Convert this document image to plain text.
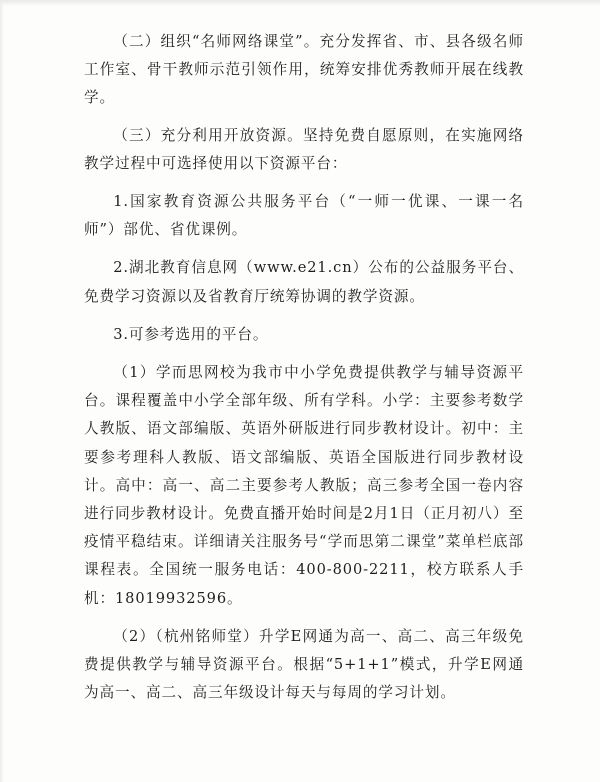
（二）组织“名师网络课堂”。充分发挥省、市、县各级名师工作室、骨干教师示范引领作用，统筹安排优秀教师开展在线教学。

（三）充分利用开放资源。坚持免费自愿原则，在实施网络教学过程中可选择使用以下资源平台：

1.国家教育资源公共服务平台（“一师一优课、一课一名师”）部优、省优课例。

2.湖北教育信息网（www.e21.cn）公布的公益服务平台、免费学习资源以及省教育厅统筹协调的教学资源。

3.可参考选用的平台。

（1）学而思网校为我市中小学免费提供教学与辅导资源平台。课程覆盖中小学全部年级、所有学科。小学：主要参考数学人教版、语文部编版、英语外研版进行同步教材设计。初中：主要参考理科人教版、语文部编版、英语全国版进行同步教材设计。高中：高一、高二主要参考人教版；高三参考全国一卷内容进行同步教材设计。免费直播开始时间是2月1日（正月初八）至疫情平稳结束。详细请关注服务号“学而思第二课堂”菜单栏底部课程表。全国统一服务电话：400-800-2211，校方联系人手机：18019932596。

（2）（杭州铭师堂）升学E网通为高一、高二、高三年级免费提供教学与辅导资源平台。根据“5+1+1”模式，升学E网通为高一、高二、高三年级设计每天与每周的学习计划。
